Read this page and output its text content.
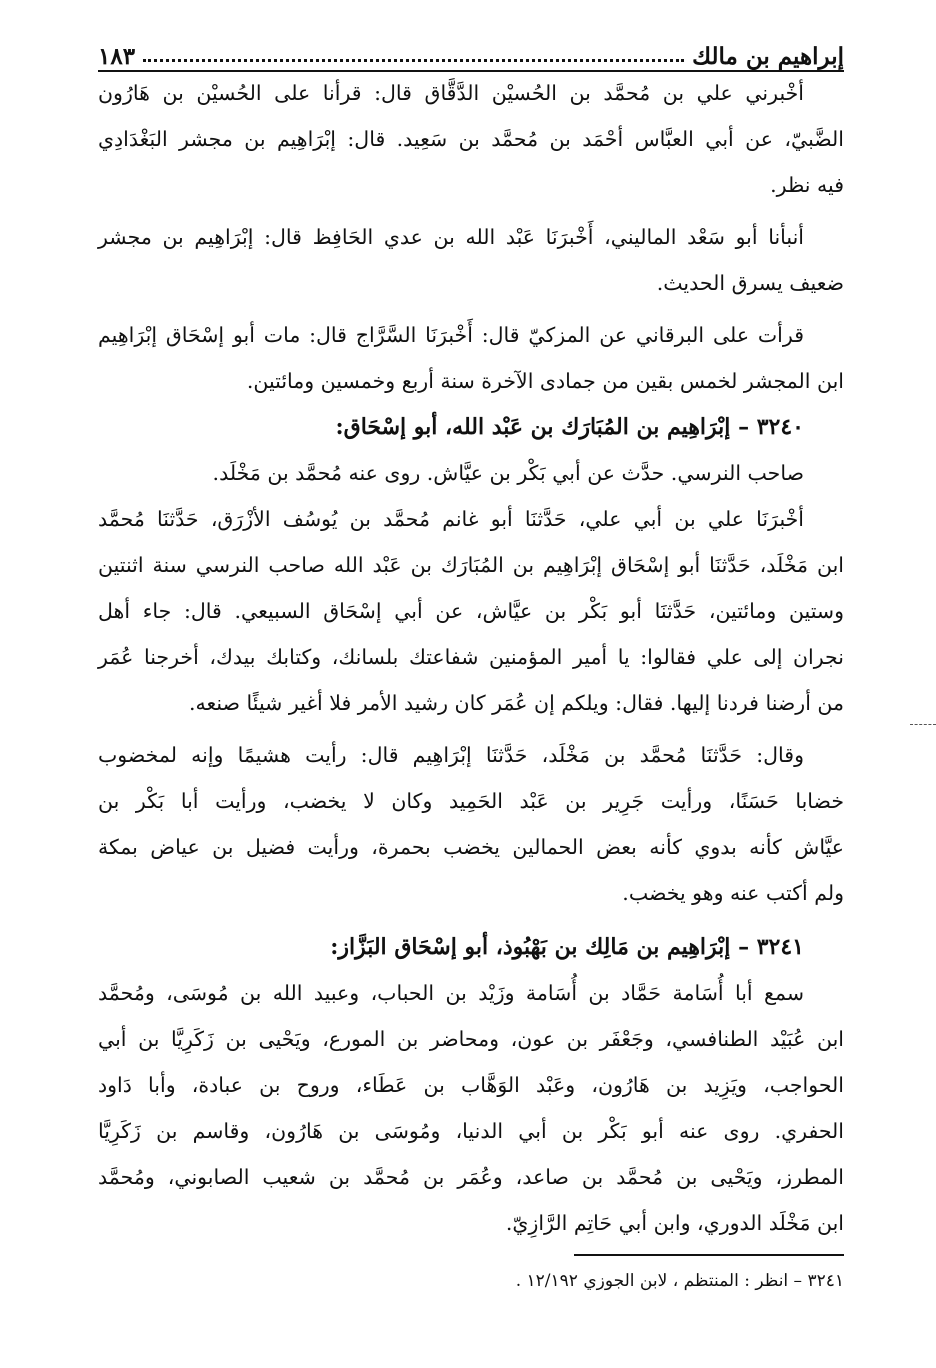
إبراهيم بن مالك
١٨٣
أخْبرني علي بن مُحمَّد بن الحُسيْن الدَّقَّاق قال: قرأنا على الحُسيْن بن هَارُون
الضَّبيّ، عن أبي العبَّاس أحْمَد بن مُحمَّد بن سَعِيد. قال: إبْرَاهِيم بن مجشر البَغْدَادِي
فيه نظر.
أنبأنا أبو سَعْد الماليني، أَخْبرَنَا عَبْد الله بن عدي الحَافِظ قال: إبْرَاهِيم بن مجشر
ضعيف يسرق الحديث.
قرأت على البرقاني عن المزكيّ قال: أَخْبرَنَا السَّرَّاج قال: مات أبو إسْحَاق إبْرَاهِيم
ابن المجشر لخمس بقين من جمادى الآخرة سنة أربع وخمسين ومائتين.
٣٢٤٠ – إبْرَاهِيم بن المُبَارَك بن عَبْد الله، أبو إسْحَاق:
صاحب النرسي. حدَّث عن أبي بَكْر بن عيَّاش. روى عنه مُحمَّد بن مَخْلَد.
أخْبرَنَا علي بن أبي علي، حَدَّثنَا أبو غانم مُحمَّد بن يُوسُف الأزْرَق، حَدَّثنَا مُحمَّد
ابن مَخْلَد، حَدَّثنَا أبو إسْحَاق إبْرَاهِيم بن المُبَارَك بن عَبْد الله صاحب النرسي سنة اثنتين
وستين ومائتين، حَدَّثنَا أبو بَكْر بن عيَّاش، عن أبي إسْحَاق السبيعي. قال: جاء أهل
نجران إلى علي فقالوا: يا أمير المؤمنين شفاعتك بلسانك، وكتابك بيدك، أخرجنا عُمَر
من أرضنا فردنا إليها. فقال: ويلكم إن عُمَر كان رشيد الأمر فلا أغير شيئًا صنعه.
وقال: حَدَّثنَا مُحمَّد بن مَخْلَد، حَدَّثنَا إبْرَاهِيم قال: رأيت هشيمًا وإنه لمخضوب
خضابا حَسَنًا، ورأيت جَرِير بن عَبْد الحَمِيد وكان لا يخضب، ورأيت أبا بَكْر بن
عيَّاش كأنه بدوي كأنه بعض الحمالين يخضب بحمرة، ورأيت فضيل بن عياض بمكة
ولم أكتب عنه وهو يخضب.
٣٢٤١ – إبْرَاهِيم بن مَالِك بن بَهْبُوذ، أبو إسْحَاق البَزَّاز:
سمع أبا أُسَامة حَمَّاد بن أُسَامة وزَيْد بن الحباب، وعبيد الله بن مُوسَى، ومُحمَّد
ابن عُبَيْد الطنافسي، وجَعْفَر بن عون، ومحاضر بن المورع، ويَحْيى بن زَكَرِيَّا بن أبي
الحواجب، ويَزِيد بن هَارُون، وعَبْد الوَهَّاب بن عَطَاء، وروح بن عبادة، وأبا دَاود
الحفري. روى عنه أبو بَكْر بن أبي الدنيا، ومُوسَى بن هَارُون، وقاسم بن زَكَرِيَّا
المطرز، ويَحْيى بن مُحمَّد بن صاعد، وعُمَر بن مُحمَّد بن شعيب الصابوني، ومُحمَّد
ابن مَخْلَد الدوري، وابن أبي حَاتِم الرَّازِيّ.
٣٢٤١ – انظر : المنتظم ، لابن الجوزي ١٢/١٩٢ .
